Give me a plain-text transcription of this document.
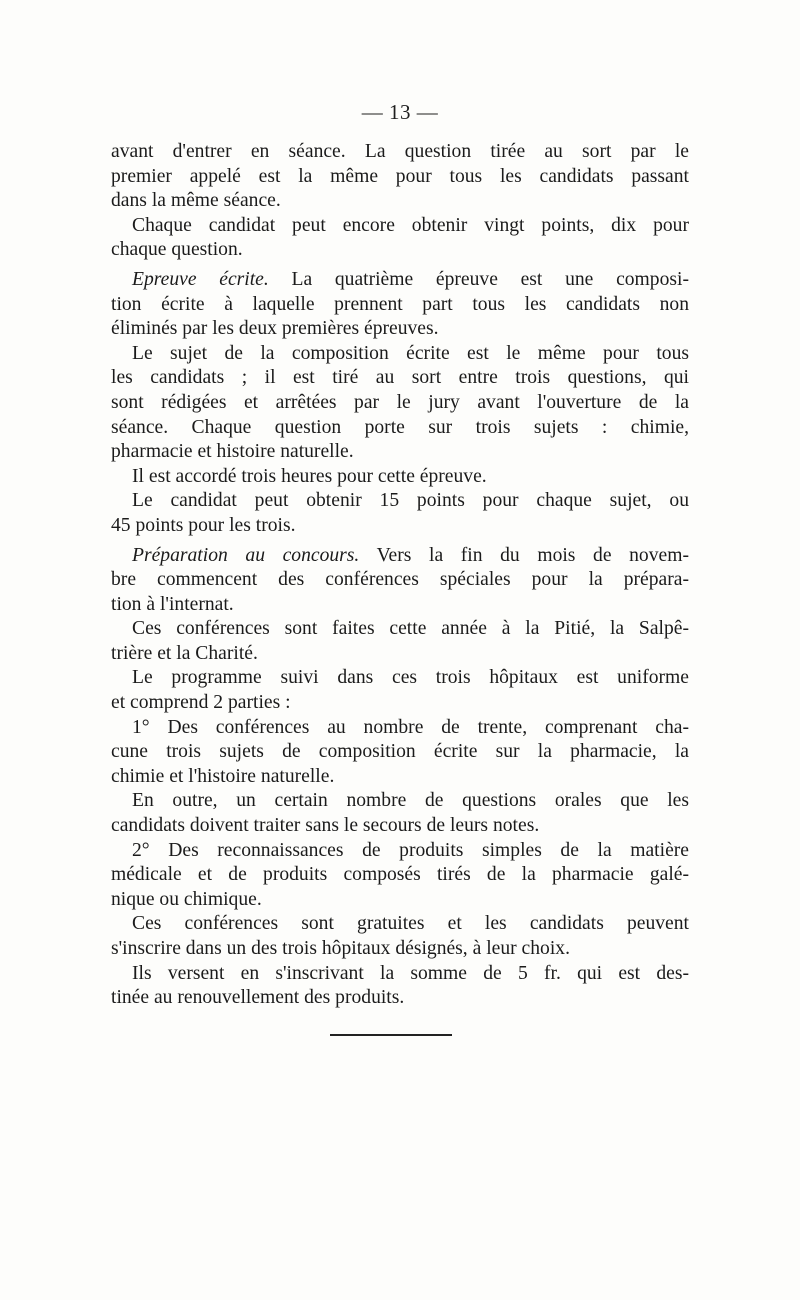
— 13 —
avant d'entrer en séance. La question tirée au sort par le
premier appelé est la même pour tous les candidats passant
dans la même séance.
Chaque candidat peut encore obtenir vingt points, dix pour
chaque question.
Epreuve écrite. La quatrième épreuve est une composi-
tion écrite à laquelle prennent part tous les candidats non
éliminés par les deux premières épreuves.
Le sujet de la composition écrite est le même pour tous
les candidats ; il est tiré au sort entre trois questions, qui
sont rédigées et arrêtées par le jury avant l'ouverture de la
séance. Chaque question porte sur trois sujets : chimie,
pharmacie et histoire naturelle.
Il est accordé trois heures pour cette épreuve.
Le candidat peut obtenir 15 points pour chaque sujet, ou
45 points pour les trois.
Préparation au concours. Vers la fin du mois de novem-
bre commencent des conférences spéciales pour la prépara-
tion à l'internat.
Ces conférences sont faites cette année à la Pitié, la Salpê-
trière et la Charité.
Le programme suivi dans ces trois hôpitaux est uniforme
et comprend 2 parties :
1° Des conférences au nombre de trente, comprenant cha-
cune trois sujets de composition écrite sur la pharmacie, la
chimie et l'histoire naturelle.
En outre, un certain nombre de questions orales que les
candidats doivent traiter sans le secours de leurs notes.
2° Des reconnaissances de produits simples de la matière
médicale et de produits composés tirés de la pharmacie galé-
nique ou chimique.
Ces conférences sont gratuites et les candidats peuvent
s'inscrire dans un des trois hôpitaux désignés, à leur choix.
Ils versent en s'inscrivant la somme de 5 fr. qui est des-
tinée au renouvellement des produits.
